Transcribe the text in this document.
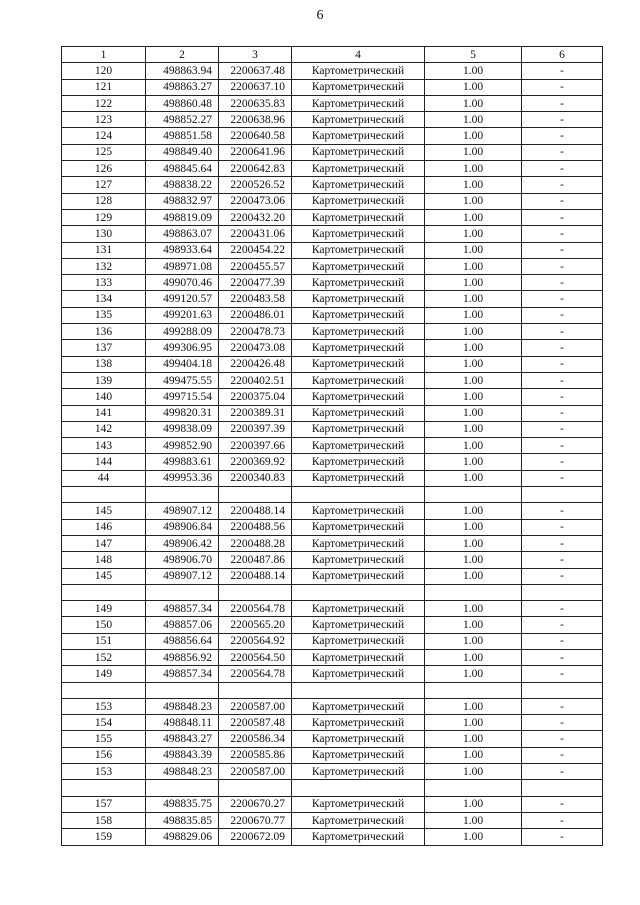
6
1	2	3	4	5	6
120	498863.94	2200637.48	Картометрический	1.00	-
121	498863.27	2200637.10	Картометрический	1.00	-
122	498860.48	2200635.83	Картометрический	1.00	-
123	498852.27	2200638.96	Картометрический	1.00	-
124	498851.58	2200640.58	Картометрический	1.00	-
125	498849.40	2200641.96	Картометрический	1.00	-
126	498845.64	2200642.83	Картометрический	1.00	-
127	498838.22	2200526.52	Картометрический	1.00	-
128	498832.97	2200473.06	Картометрический	1.00	-
129	498819.09	2200432.20	Картометрический	1.00	-
130	498863.07	2200431.06	Картометрический	1.00	-
131	498933.64	2200454.22	Картометрический	1.00	-
132	498971.08	2200455.57	Картометрический	1.00	-
133	499070.46	2200477.39	Картометрический	1.00	-
134	499120.57	2200483.58	Картометрический	1.00	-
135	499201.63	2200486.01	Картометрический	1.00	-
136	499288.09	2200478.73	Картометрический	1.00	-
137	499306.95	2200473.08	Картометрический	1.00	-
138	499404.18	2200426.48	Картометрический	1.00	-
139	499475.55	2200402.51	Картометрический	1.00	-
140	499715.54	2200375.04	Картометрический	1.00	-
141	499820.31	2200389.31	Картометрический	1.00	-
142	499838.09	2200397.39	Картометрический	1.00	-
143	499852.90	2200397.66	Картометрический	1.00	-
144	499883.61	2200369.92	Картометрический	1.00	-
44	499953.36	2200340.83	Картометрический	1.00	-

145	498907.12	2200488.14	Картометрический	1.00	-
146	498906.84	2200488.56	Картометрический	1.00	-
147	498906.42	2200488.28	Картометрический	1.00	-
148	498906.70	2200487.86	Картометрический	1.00	-
145	498907.12	2200488.14	Картометрический	1.00	-

149	498857.34	2200564.78	Картометрический	1.00	-
150	498857.06	2200565.20	Картометрический	1.00	-
151	498856.64	2200564.92	Картометрический	1.00	-
152	498856.92	2200564.50	Картометрический	1.00	-
149	498857.34	2200564.78	Картометрический	1.00	-

153	498848.23	2200587.00	Картометрический	1.00	-
154	498848.11	2200587.48	Картометрический	1.00	-
155	498843.27	2200586.34	Картометрический	1.00	-
156	498843.39	2200585.86	Картометрический	1.00	-
153	498848.23	2200587.00	Картометрический	1.00	-

157	498835.75	2200670.27	Картометрический	1.00	-
158	498835.85	2200670.77	Картометрический	1.00	-
159	498829.06	2200672.09	Картометрический	1.00	-
